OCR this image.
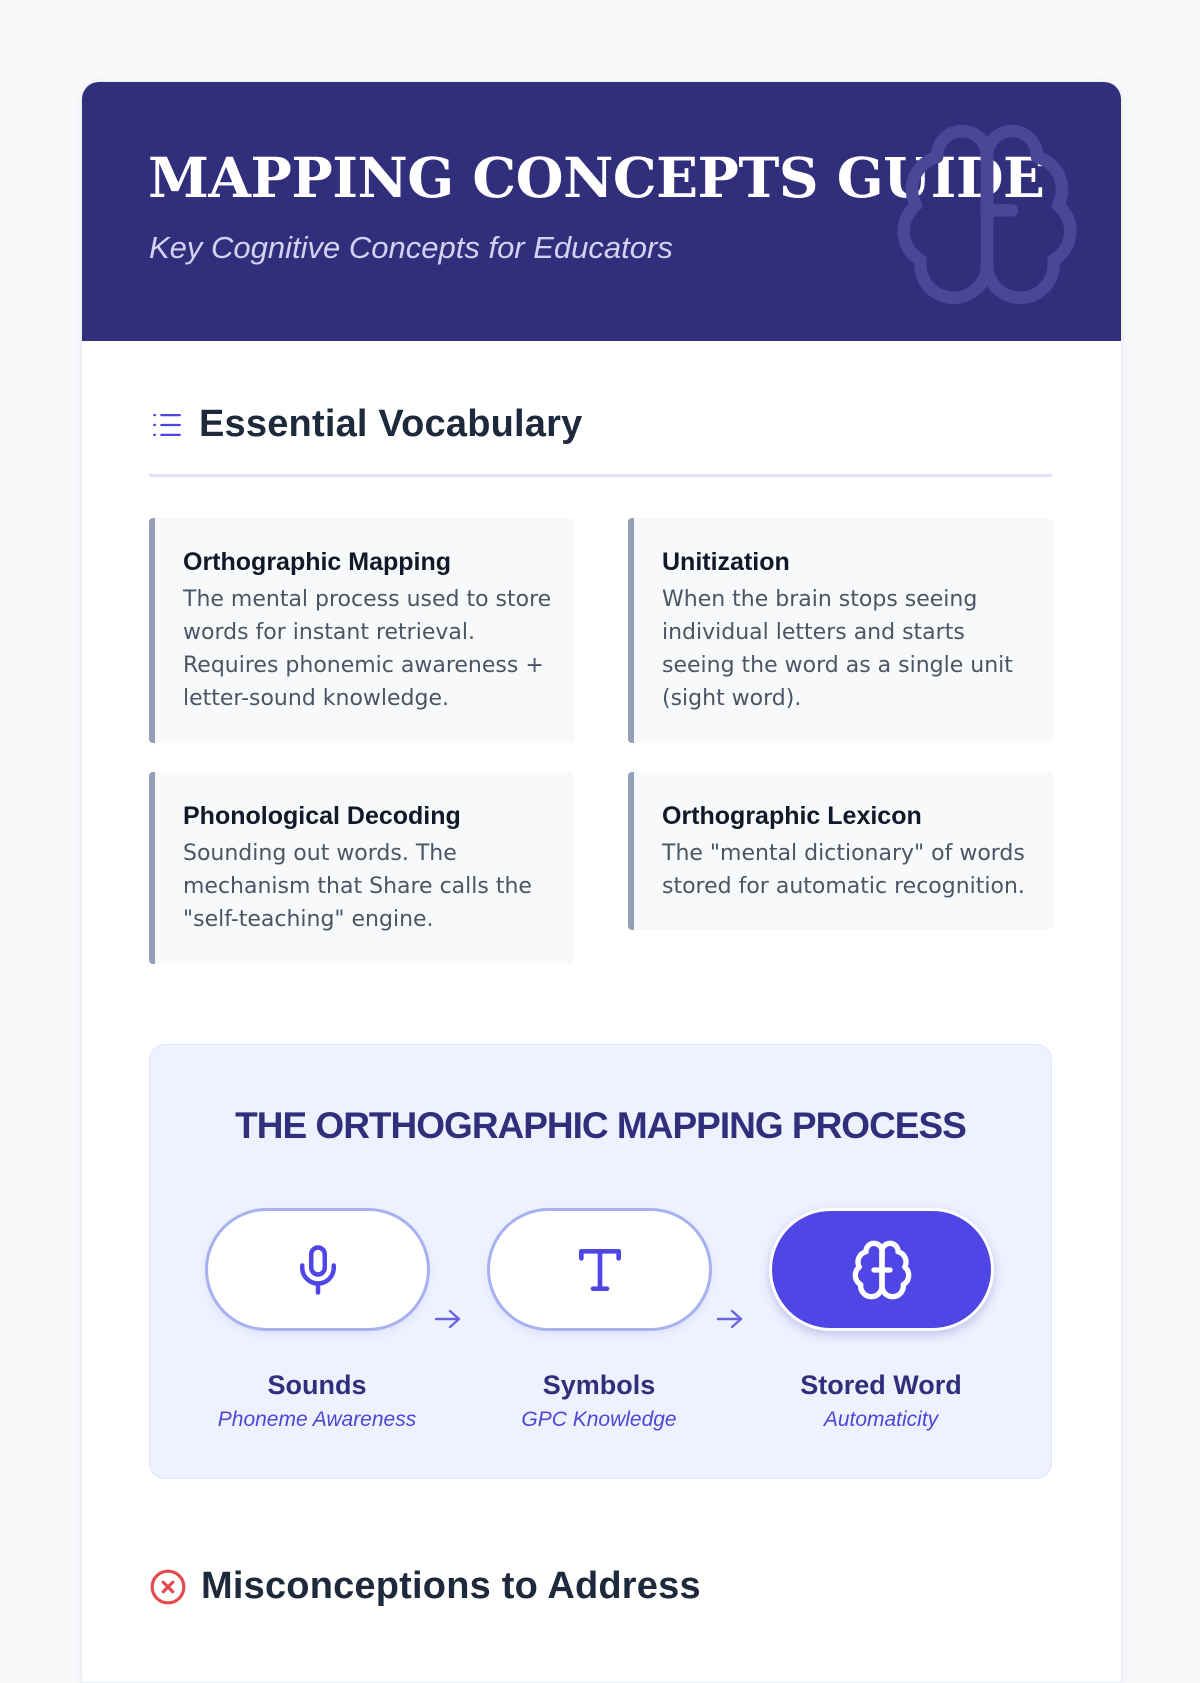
MAPPING CONCEPTS GUIDE

Key Cognitive Concepts for Educators

Essential Vocabulary
Orthographic Mapping

The mental process used to store words for instant retrieval. Requires phonemic awareness + letter-sound knowledge.

Unitization

When the brain stops seeing individual letters and starts seeing the word as a single unit (sight word).

Phonological Decoding

Sounding out words. The mechanism that Share calls the "self-teaching" engine.

Orthographic Lexicon

The "mental dictionary" of words stored for automatic recognition.

THE ORTHOGRAPHIC MAPPING PROCESS
Sounds
Phoneme Awareness
Symbols
GPC Knowledge
Stored Word
Automaticity
Misconceptions to Address
